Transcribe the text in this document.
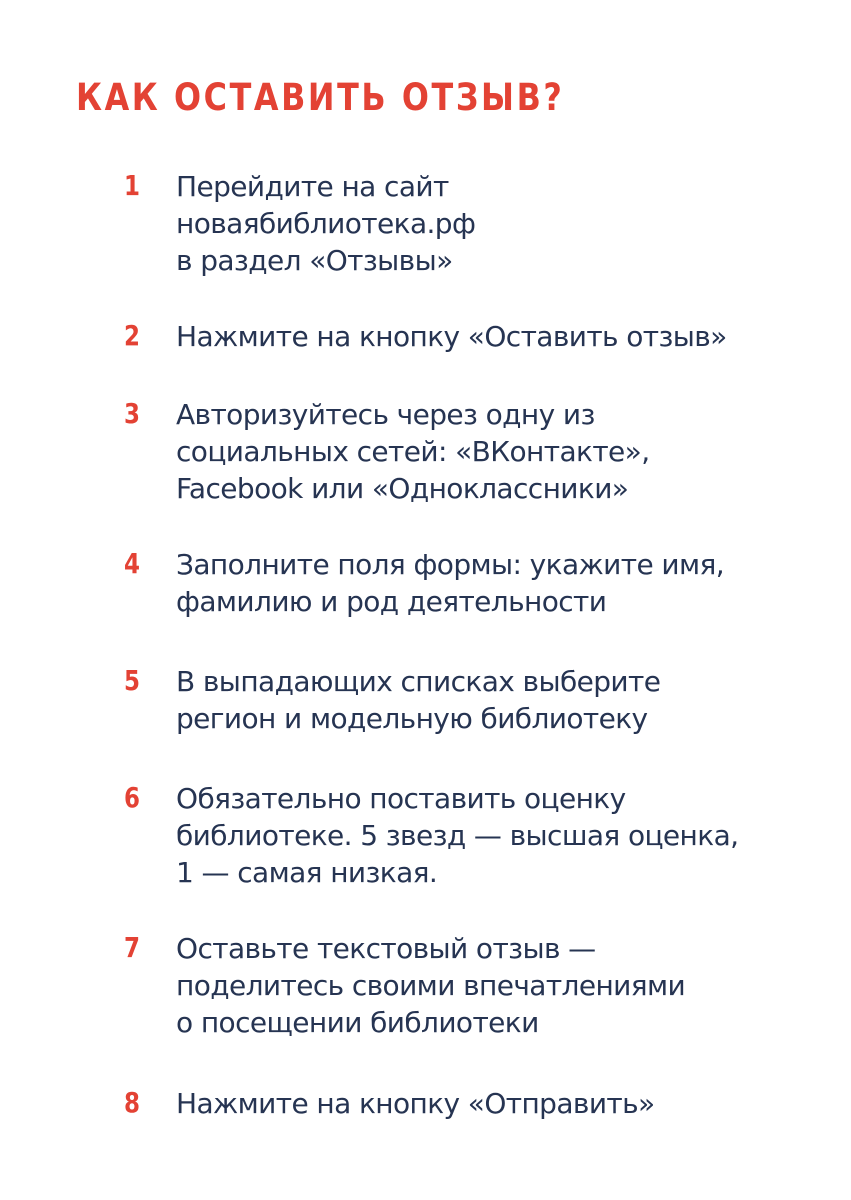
КАК ОСТАВИТЬ ОТЗЫВ?
1 Перейдите на сайт
новаябиблиотека.рф
в раздел «Отзывы»
2 Нажмите на кнопку «Оставить отзыв»
3 Авторизуйтесь через одну из
социальных сетей: «ВКонтакте»,
Facebook или «Одноклассники»
4 Заполните поля формы: укажите имя,
фамилию и род деятельности
5 В выпадающих списках выберите
регион и модельную библиотеку
6 Обязательно поставить оценку
библиотеке. 5 звезд — высшая оценка,
1 — самая низкая.
7 Оставьте текстовый отзыв —
поделитесь своими впечатлениями
о посещении библиотеки
8 Нажмите на кнопку «Отправить»
